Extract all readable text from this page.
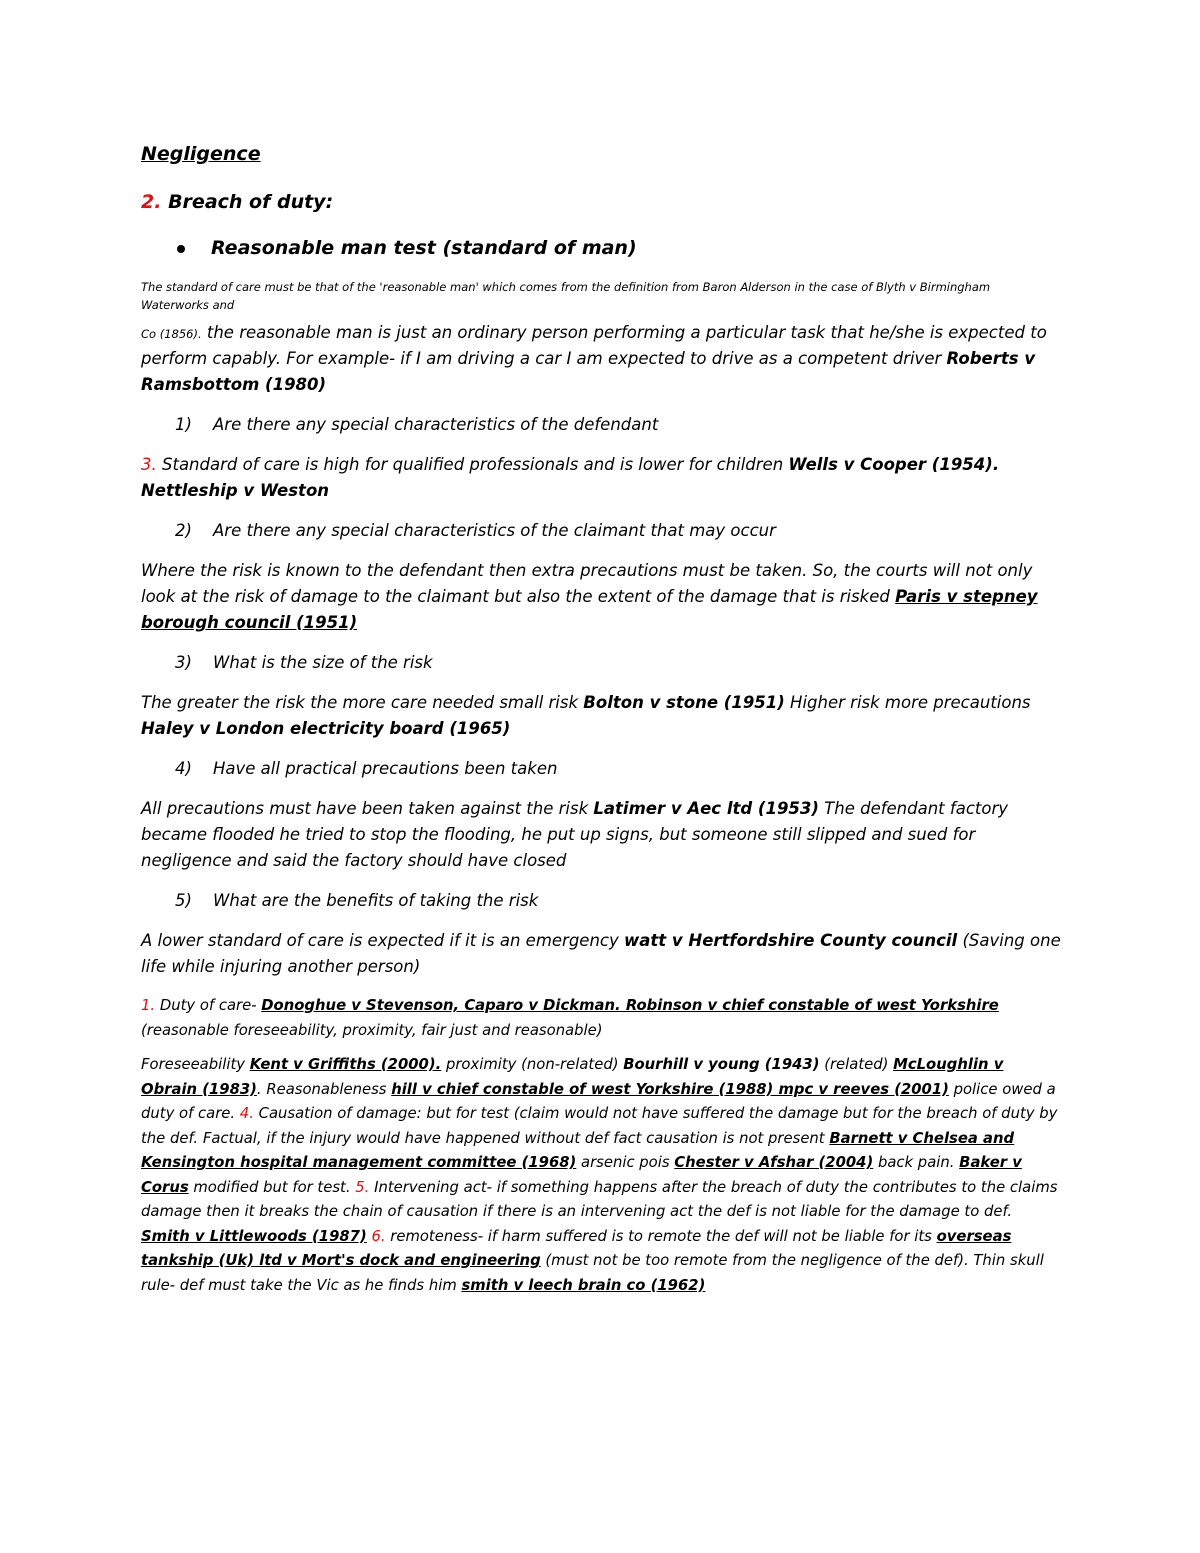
Negligence

2. Breach of duty:

Reasonable man test (standard of man)

The standard of care must be that of the 'reasonable man' which comes from the definition from Baron Alderson in the case of Blyth v Birmingham Waterworks and

Co (1856). the reasonable man is just an ordinary person performing a particular task that he/she is expected to perform capably. For example- if I am driving a car I am expected to drive as a competent driver Roberts v Ramsbottom (1980)

1) Are there any special characteristics of the defendant

3. Standard of care is high for qualified professionals and is lower for children Wells v Cooper (1954). Nettleship v Weston

2) Are there any special characteristics of the claimant that may occur

Where the risk is known to the defendant then extra precautions must be taken. So, the courts will not only look at the risk of damage to the claimant but also the extent of the damage that is risked Paris v stepney borough council (1951)

3) What is the size of the risk

The greater the risk the more care needed small risk Bolton v stone (1951) Higher risk more precautions Haley v London electricity board (1965)

4) Have all practical precautions been taken

All precautions must have been taken against the risk Latimer v Aec ltd (1953) The defendant factory became flooded he tried to stop the flooding, he put up signs, but someone still slipped and sued for negligence and said the factory should have closed

5) What are the benefits of taking the risk

A lower standard of care is expected if it is an emergency watt v Hertfordshire County council (Saving one life while injuring another person)

1. Duty of care- Donoghue v Stevenson, Caparo v Dickman. Robinson v chief constable of west Yorkshire (reasonable foreseeability, proximity, fair just and reasonable)

Foreseeability Kent v Griffiths (2000). proximity (non-related) Bourhill v young (1943) (related) McLoughlin v Obrain (1983). Reasonableness hill v chief constable of west Yorkshire (1988) mpc v reeves (2001) police owed a duty of care. 4. Causation of damage: but for test (claim would not have suffered the damage but for the breach of duty by the def. Factual, if the injury would have happened without def fact causation is not present Barnett v Chelsea and Kensington hospital management committee (1968) arsenic pois Chester v Afshar (2004) back pain. Baker v Corus modified but for test. 5. Intervening act- if something happens after the breach of duty the contributes to the claims damage then it breaks the chain of causation if there is an intervening act the def is not liable for the damage to def. Smith v Littlewoods (1987) 6. remoteness- if harm suffered is to remote the def will not be liable for its overseas tankship (Uk) ltd v Mort's dock and engineering (must not be too remote from the negligence of the def). Thin skull rule- def must take the Vic as he finds him smith v leech brain co (1962)
